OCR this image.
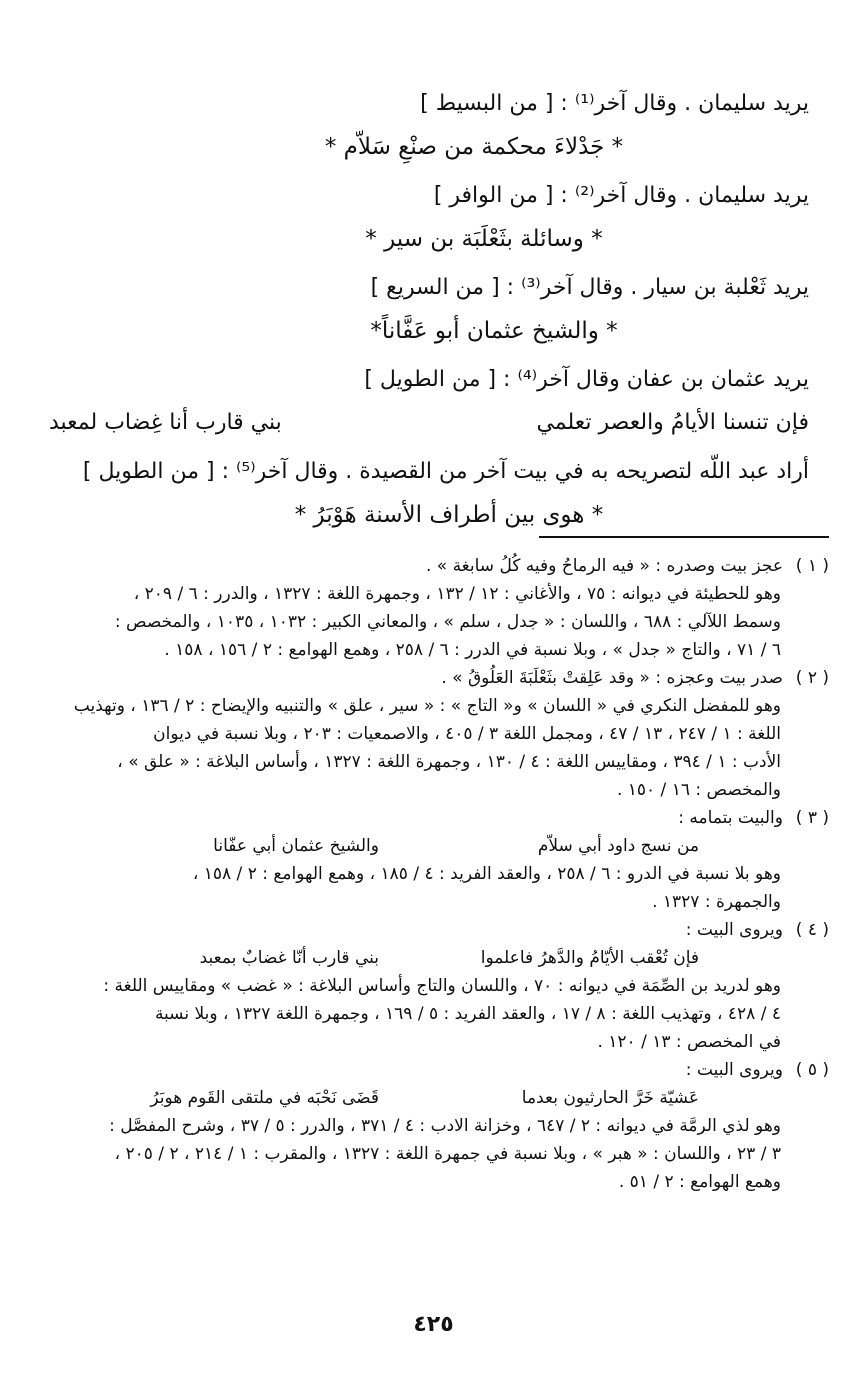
يريد سليمان . وقال آخر⁽¹⁾ : [ من البسيط ]
* جَدْلاءَ محكمة من صنْعِ سَلاّم *
يريد سليمان . وقال آخر⁽²⁾ : [ من الوافر ]
* وسائلة بثَعْلَبَة بن سير *
يريد ثَعْلبة بن سيار . وقال آخر⁽³⁾ : [ من السريع ]
* والشيخ عثمان أبو عَفَّاناً*
يريد عثمان بن عفان وقال آخر⁽⁴⁾ : [ من الطويل ]
فإن تنسنا الأيامُ والعصر تعلمي
بني قارب أنا غِضاب لمعبد
أراد عبد اللّه لتصريحه به في بيت آخر من القصيدة . وقال آخر⁽⁵⁾ : [ من الطويل ]
* هوى بين أطراف الأسنة هَوْبَرُ *
( ١ )عجز بيت وصدره : « فيه الرماحُ وفيه كُلُ سابغة » .
وهو للحطيئة في ديوانه : ٧٥ ، والأغاني : ١٢ / ١٣٢ ، وجمهرة اللغة : ١٣٢٧ ، والدرر : ٦ / ٢٠٩ ،
وسمط اللآلي : ٦٨٨ ، واللسان : « جدل ، سلم » ، والمعاني الكبير : ١٠٣٢ ، ١٠٣٥ ، والمخصص :
٦ / ٧١ ، والتاج « جدل » ، وبلا نسبة في الدرر : ٦ / ٢٥٨ ، وهمع الهوامع : ٢ / ١٥٦ ، ١٥٨ .
( ٢ )صدر بيت وعجزه : « وقد عَلِقتْ بثَعْلَبَةَ العَلُوقُ » .
وهو للمفضل النكري في « اللسان » و« التاج » : « سير ، علق » والتنبيه والإيضاح : ٢ / ١٣٦ ، وتهذيب
اللغة : ١ / ٢٤٧ ، ١٣ / ٤٧ ، ومجمل اللغة ٣ / ٤٠٥ ، والاصمعيات : ٢٠٣ ، وبلا نسبة في ديوان
الأدب : ١ / ٣٩٤ ، ومقاييس اللغة : ٤ / ١٣٠ ، وجمهرة اللغة : ١٣٢٧ ، وأساس البلاغة : « علق » ،
والمخصص : ١٦ / ١٥٠ .
( ٣ )والبيت بتمامه :
من نسج داود أبي سلاّم
والشيخ عثمان أبي عفّانا
وهو بلا نسبة في الدرو : ٦ / ٢٥٨ ، والعقد الفريد : ٤ / ١٨٥ ، وهمع الهوامع : ٢ / ١٥٨ ،
والجمهرة : ١٣٢٧ .
( ٤ )ويروى البيت :
فإن تُعْقب الأيّامُ والدَّهرُ فاعلموا
بني قارب أنّا غضابٌ بمعبد
وهو لدريد بن الصِّمَة في ديوانه : ٧٠ ، واللسان والتاج وأساس البلاغة : « غضب » ومقاييس اللغة :
٤ / ٤٢٨ ، وتهذيب اللغة : ٨ / ١٧ ، والعقد الفريد : ٥ / ١٦٩ ، وجمهرة اللغة ١٣٢٧ ، وبلا نسبة
في المخصص : ١٣ / ١٢٠ .
( ٥ )ويروى البيت :
عَشيّة خَرَّ الحارثيون بعدما
قَضَى نَحْبَه في ملتقى القَوم هوبَرُ
وهو لذي الرمَّة في ديوانه : ٢ / ٦٤٧ ، وخزانة الادب : ٤ / ٣٧١ ، والدرر : ٥ / ٣٧ ، وشرح المفصَّل :
٣ / ٢٣ ، واللسان : « هبر » ، وبلا نسبة في جمهرة اللغة : ١٣٢٧ ، والمقرب : ١ / ٢١٤ ، ٢ / ٢٠٥ ،
وهمع الهوامع : ٢ / ٥١ .
٤٢٥
